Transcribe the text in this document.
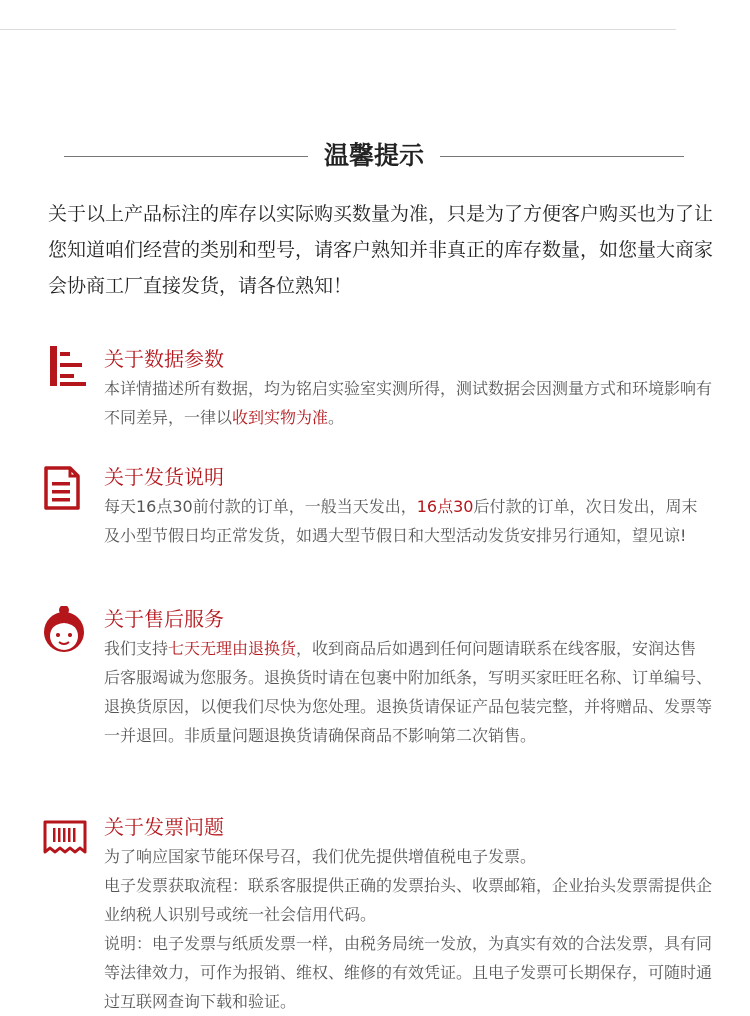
温馨提示
关于以上产品标注的库存以实际购买数量为准，只是为了方便客户购买也为了让您知道咱们经营的类别和型号，请客户熟知并非真正的库存数量，如您量大商家会协商工厂直接发货，请各位熟知！
关于数据参数
本详情描述所有数据，均为铭启实验室实测所得，测试数据会因测量方式和环境影响有不同差异，一律以收到实物为准。
关于发货说明
每天16点30前付款的订单，一般当天发出，16点30后付款的订单，次日发出，周末及小型节假日均正常发货，如遇大型节假日和大型活动发货安排另行通知，望见谅!
关于售后服务
我们支持七天无理由退换货，收到商品后如遇到任何问题请联系在线客服，安润达售后客服竭诚为您服务。退换货时请在包裹中附加纸条，写明买家旺旺名称、订单编号、退换货原因，以便我们尽快为您处理。退换货请保证产品包装完整，并将赠品、发票等一并退回。非质量问题退换货请确保商品不影响第二次销售。
关于发票问题
为了响应国家节能环保号召，我们优先提供增值税电子发票。
电子发票获取流程：联系客服提供正确的发票抬头、收票邮箱，企业抬头发票需提供企业纳税人识别号或统一社会信用代码。
说明：电子发票与纸质发票一样，由税务局统一发放，为真实有效的合法发票，具有同等法律效力，可作为报销、维权、维修的有效凭证。且电子发票可长期保存，可随时通过互联网查询下载和验证。
